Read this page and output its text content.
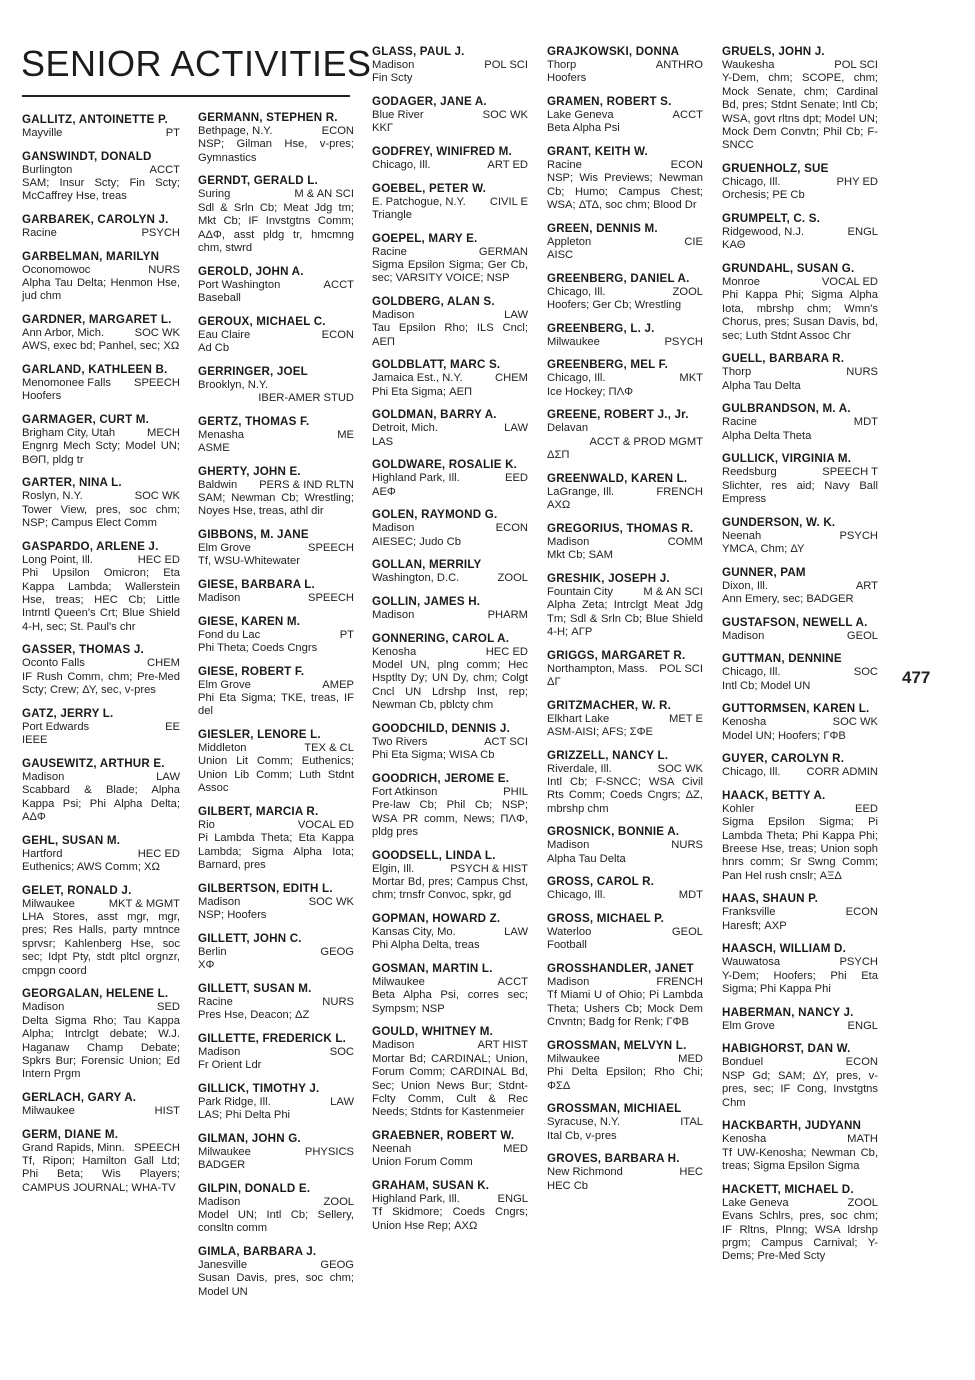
SENIOR ACTIVITIES
GALLITZ, ANTOINETTE P.
Mayville	PT
GANSWINDT, DONALD
Burlington	ACCT
SAM; Insur Scty; Fin Scty; McCaffrey Hse, treas
GARBAREK, CAROLYN J.
Racine	PSYCH
GARBELMAN, MARILYN
Oconomowoc	NURS
Alpha Tau Delta; Henmon Hse, jud chm
GARDNER, MARGARET L.
Ann Arbor, Mich.	SOC WK
AWS, exec bd; Panhel, sec; ΧΩ
GARLAND, KATHLEEN B.
Menomonee Falls SPEECH
Hoofers
GARMAGER, CURT M.
Brigham City, Utah	MECH
Engnrg Mech Scty; Model UN; ΒΘΠ, pldg tr
GARTER, NINA L.
Roslyn, N.Y.	SOC WK
Tower View, pres, soc chm; NSP; Campus Elect Comm
GASPARDO, ARLENE J.
Long Point, Ill.	HEC ED
Phi Upsilon Omicron; Eta Kappa Lambda; Wallerstein Hse, treas; HEC Cb; Little Intrntl Queen's Crt; Blue Shield 4-H, sec; St. Paul's chr
GASSER, THOMAS J.
Oconto Falls	CHEM
IF Rush Comm, chm; Pre-Med Scty; Crew; ΔΥ, sec, v-pres
GATZ, JERRY L.
Port Edwards	EE
IEEE
GAUSEWITZ, ARTHUR E.
Madison	LAW
Scabbard & Blade; Alpha Kappa Psi; Phi Alpha Delta; ΑΔΦ
GEHL, SUSAN M.
Hartford	HEC ED
Euthenics; AWS Comm; ΧΩ
GELET, RONALD J.
Milwaukee	MKT & MGMT
LHA Stores, asst mgr, mgr, pres; Res Halls, party mntnce sprvsr; Kahlenberg Hse, soc sec; Idpt Pty, stdt pltcl orgnzr, cmpgn coord
GEORGALAN, HELENE L.
Madison	SED
Delta Sigma Rho; Tau Kappa Alpha; Intrclgt debate; W.J. Haganaw Champ Debate; Spkrs Bur; Forensic Union; Ed Intern Prgm
GERLACH, GARY A.
Milwaukee	HIST
GERM, DIANE M.
Grand Rapids, Minn. SPEECH
Tf, Ripon; Hamilton Gall Ltd; Phi Beta; Wis Players; CAMPUS JOURNAL; WHA-TV
GERMANN, STEPHEN R.
Bethpage, N.Y.	ECON
NSP; Gilman Hse, v-pres; Gymnastics
GERNDT, GERALD L.
Suring	M & AN SCI
Sdl & Srln Cb; Meat Jdg tm; Mkt Cb; IF Invstgtns Comm; ΑΔΦ, asst pldg tr, hmcmng chm, stwrd
GEROLD, JOHN A.
Port Washington	ACCT
Baseball
GEROUX, MICHAEL C.
Eau Claire	ECON
Ad Cb
GERRINGER, JOEL
Brooklyn, N.Y.
IBER-AMER STUD
GERTZ, THOMAS F.
Menasha	ME
ASME
GHERTY, JOHN E.
Baldwin PERS & IND RLTN
SAM; Newman Cb; Wrestling; Noyes Hse, treas, athl dir
GIBBONS, M. JANE
Elm Grove	SPEECH
Tf, WSU-Whitewater
GIESE, BARBARA L.
Madison	SPEECH
GIESE, KAREN M.
Fond du Lac	PT
Phi Theta; Coeds Cngrs
GIESE, ROBERT F.
Elm Grove	AMEP
Phi Eta Sigma; ΤΚΕ, treas, IF del
GIESLER, LENORE L.
Middleton	TEX & CL
Union Lit Comm; Euthenics; Union Lib Comm; Luth Stdnt Assoc
GILBERT, MARCIA R.
Rio	VOCAL ED
Pi Lambda Theta; Eta Kappa Lambda; Sigma Alpha Iota; Barnard, pres
GILBERTSON, EDITH L.
Madison	SOC WK
NSP; Hoofers
GILLETT, JOHN C.
Berlin	GEOG
ΧΦ
GILLETT, SUSAN M.
Racine	NURS
Pres Hse, Deacon; ΔΖ
GILLETTE, FREDERICK L.
Madison	SOC
Fr Orient Ldr
GILLICK, TIMOTHY J.
Park Ridge, Ill.	LAW
LAS; Phi Delta Phi
GILMAN, JOHN G.
Milwaukee	PHYSICS
BADGER
GILPIN, DONALD E.
Madison	ZOOL
Model UN; Intl Cb; Sellery, consltn comm
GIMLA, BARBARA J.
Janesville	GEOG
Susan Davis, pres, soc chm; Model UN
GLASS, PAUL J.
Madison	POL SCI
Fin Scty
GODAGER, JANE A.
Blue River	SOC WK
ΚΚΓ
GODFREY, WINIFRED M.
Chicago, Ill.	ART ED
GOEBEL, PETER W.
E. Patchogue, N.Y. CIVIL E
Triangle
GOEPEL, MARY E.
Racine	GERMAN
Sigma Epsilon Sigma; Ger Cb, sec; VARSITY VOICE; NSP
GOLDBERG, ALAN S.
Madison	LAW
Tau Epsilon Rho; ILS Cncl; ΑΕΠ
GOLDBLATT, MARC S.
Jamaica Est., N.Y.	CHEM
Phi Eta Sigma; ΑΕΠ
GOLDMAN, BARRY A.
Detroit, Mich.	LAW
LAS
GOLDWARE, ROSALIE K.
Highland Park, Ill.	EED
ΑΕΦ
GOLEN, RAYMOND G.
Madison	ECON
AIESEC; Judo Cb
GOLLAN, MERRILY
Washington, D.C.	ZOOL
GOLLIN, JAMES H.
Madison	PHARM
GONNERING, CAROL A.
Kenosha	HEC ED
Model UN, plng comm; Hec Hsptlty Dy; UN Dy, chm; Colgt Cncl UN Ldrshp Inst, rep; Newman Cb, pblcty chm
GOODCHILD, DENNIS J.
Two Rivers	ACT SCI
Phi Eta Sigma; WISA Cb
GOODRICH, JEROME E.
Fort Atkinson	PHIL
Pre-law Cb; Phil Cb; NSP; WSA PR comm, News; ΠΛΦ, pldg pres
GOODSELL, LINDA L.
Elgin, Ill.	PSYCH & HIST
Mortar Bd, pres; Campus Chst, chm; trnsfr Convoc, spkr, gd
GOPMAN, HOWARD Z.
Kansas City, Mo.	LAW
Phi Alpha Delta, treas
GOSMAN, MARTIN L.
Milwaukee	ACCT
Beta Alpha Psi, corres sec; Sympsm; NSP
GOULD, WHITNEY M.
Madison	ART HIST
Mortar Bd; CARDINAL; Union, Forum Comm; CARDINAL Bd, Sec; Union News Bur; Stdnt-Fclty Comm, Cult & Rec Needs; Stdnts for Kastenmeier
GRAEBNER, ROBERT W.
Neenah	MED
Union Forum Comm
GRAHAM, SUSAN K.
Highland Park, Ill.	ENGL
Tf Skidmore; Coeds Cngrs; Union Hse Rep; ΑΧΩ
GRAJKOWSKI, DONNA
Thorp	ANTHRO
Hoofers
GRAMEN, ROBERT S.
Lake Geneva	ACCT
Beta Alpha Psi
GRANT, KEITH W.
Racine	ECON
NSP; Wis Previews; Newman Cb; Humo; Campus Chest; WSA; ΔΤΔ, soc chm; Blood Dr
GREEN, DENNIS M.
Appleton	CIE
AISC
GREENBERG, DANIEL A.
Chicago, Ill.	ZOOL
Hoofers; Ger Cb; Wrestling
GREENBERG, L. J.
Milwaukee	PSYCH
GREENBERG, MEL F.
Chicago, Ill.	MKT
Ice Hockey; ΠΛΦ
GREENE, ROBERT J., Jr.
Delavan
ACCT & PROD MGMT
ΔΣΠ
GREENWALD, KAREN L.
LaGrange, Ill.	FRENCH
ΑΧΩ
GREGORIUS, THOMAS R.
Madison	COMM
Mkt Cb; SAM
GRESHIK, JOSEPH J.
Fountain City	M & AN SCI
Alpha Zeta; Intrclgt Meat Jdg Tm; Sdl & Srln Cb; Blue Shield 4-H; ΑΓΡ
GRIGGS, MARGARET R.
Northampton, Mass. POL SCI
ΔΓ
GRITZMACHER, W. R.
Elkhart Lake	MET E
ASM-AISI; AFS; ΣΦΕ
GRIZZELL, NANCY L.
Riverdale, Ill.	SOC WK
Intl Cb; F-SNCC; WSA Civil Rts Comm; Coeds Cngrs; ΔΖ, mbrshp chm
GROSNICK, BONNIE A.
Madison	NURS
Alpha Tau Delta
GROSS, CAROL R.
Chicago, Ill.	MDT
GROSS, MICHAEL P.
Waterloo	GEOL
Football
GROSSHANDLER, JANET
Madison	FRENCH
Tf Miami U of Ohio; Pi Lambda Theta; Ushers Cb; Mock Dem Cnvntn; Badg for Renk; ΓΦΒ
GROSSMAN, MELVYN L.
Milwaukee	MED
Phi Delta Epsilon; Rho Chi; ΦΣΔ
GROSSMAN, MICHIAEL
Syracuse, N.Y.	ITAL
Ital Cb, v-pres
GROVES, BARBARA H.
New Richmond	HEC
HEC Cb
GRUELS, JOHN J.
Waukesha	POL SCI
Y-Dem, chm; SCOPE, chm; Mock Senate, chm; Cardinal Bd, pres; Stdnt Senate; Intl Cb; WSA, govt rltns dpt; Model UN; Mock Dem Convtn; Phil Cb; F-SNCC
GRUENHOLZ, SUE
Chicago, Ill.	PHY ED
Orchesis; PE Cb
GRUMPELT, C. S.
Ridgewood, N.J.	ENGL
ΚΑΘ
GRUNDAHL, SUSAN G.
Monroe	VOCAL ED
Phi Kappa Phi; Sigma Alpha Iota, mbrshp chm; Wmn's Chorus, pres; Susan Davis, bd, sec; Luth Stdnt Assoc Chr
GUELL, BARBARA R.
Thorp	NURS
Alpha Tau Delta
GULBRANDSON, M. A.
Racine	MDT
Alpha Delta Theta
GULLICK, VIRGINIA M.
Reedsburg	SPEECH T
Slichter, res aid; Navy Ball Empress
GUNDERSON, W. K.
Neenah	PSYCH
YMCA, Chm; ΔΥ
GUNNER, PAM
Dixon, Ill.	ART
Ann Emery, sec; BADGER
GUSTAFSON, NEWELL A.
Madison	GEOL
GUTTMAN, DENNINE
Chicago, Ill.	SOC
Intl Cb; Model UN
GUTTORMSEN, KAREN L.
Kenosha	SOC WK
Model UN; Hoofers; ΓΦΒ
GUYER, CAROLYN R.
Chicago, Ill. CORR ADMIN
HAACK, BETTY A.
Kohler	EED
Sigma Epsilon Sigma; Pi Lambda Theta; Phi Kappa Phi; Breese Hse, treas; Union soph hnrs comm; Sr Swng Comm; Pan Hel rush cnslr; ΑΞΔ
HAAS, SHAUN P.
Franksville	ECON
Haresft; ΑΧΡ
HAASCH, WILLIAM D.
Wauwatosa	PSYCH
Y-Dem; Hoofers; Phi Eta Sigma; Phi Kappa Phi
HABERMAN, NANCY J.
Elm Grove	ENGL
HABIGHORST, DAN W.
Bonduel	ECON
NSP Gd; SAM; ΔΥ, pres, v-pres, sec; IF Cong, Invstgtns Chm
HACKBARTH, JUDYANN
Kenosha	MATH
Tf UW-Kenosha; Newman Cb, treas; Sigma Epsilon Sigma
HACKETT, MICHAEL D.
Lake Geneva	ZOOL
Evans Schlrs, pres, soc chm; IF Rltns, Plnng; WSA ldrshp prgm; Campus Carnival; Y-Dems; Pre-Med Scty
477
